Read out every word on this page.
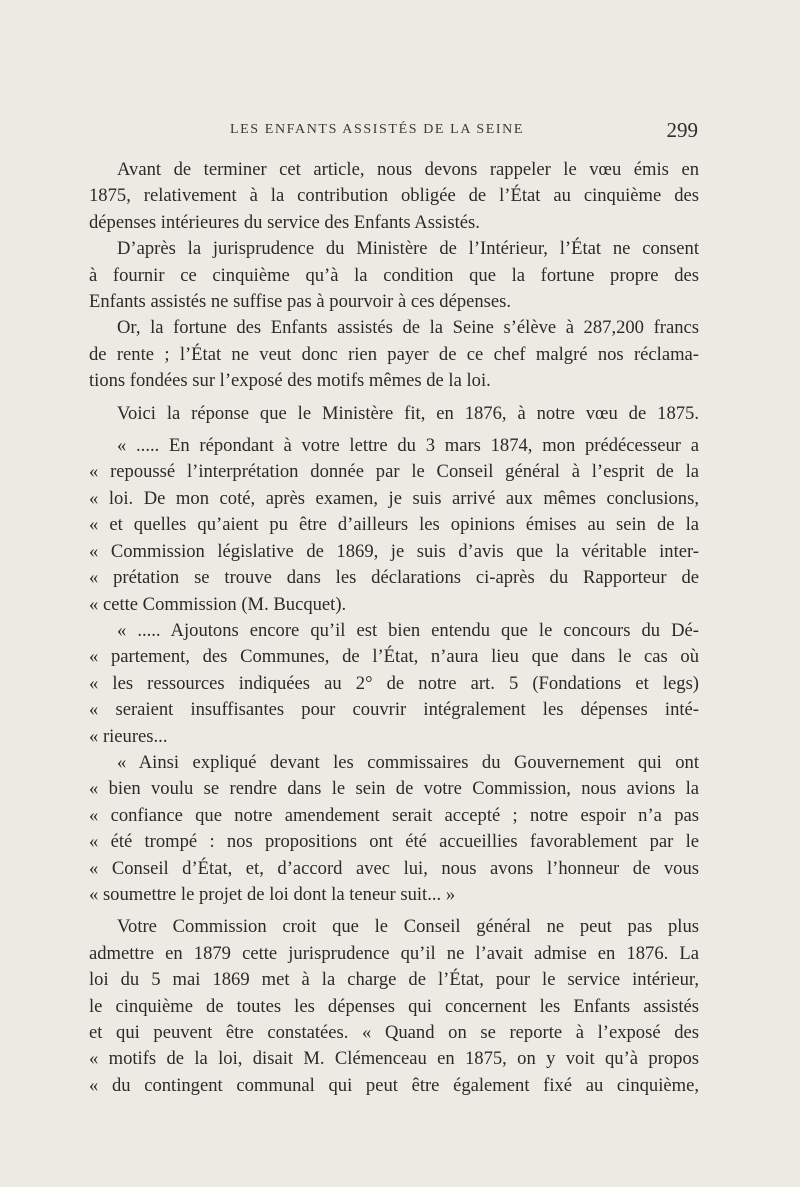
LES ENFANTS ASSISTÉS DE LA SEINE	299
Avant de terminer cet article, nous devons rappeler le vœu émis en
1875, relativement à la contribution obligée de l’État au cinquième des
dépenses intérieures du service des Enfants Assistés.
D’après la jurisprudence du Ministère de l’Intérieur, l’État ne consent
à fournir ce cinquième qu’à la condition que la fortune propre des
Enfants assistés ne suffise pas à pourvoir à ces dépenses.
Or, la fortune des Enfants assistés de la Seine s’élève à 287,200 francs
de rente ; l’État ne veut donc rien payer de ce chef malgré nos réclama-
tions fondées sur l’exposé des motifs mêmes de la loi.
Voici la réponse que le Ministère fit, en 1876, à notre vœu de 1875.
« ..... En répondant à votre lettre du 3 mars 1874, mon prédécesseur a
« repoussé l’interprétation donnée par le Conseil général à l’esprit de la
« loi. De mon coté, après examen, je suis arrivé aux mêmes conclusions,
« et quelles qu’aient pu être d’ailleurs les opinions émises au sein de la
« Commission législative de 1869, je suis d’avis que la véritable inter-
« prétation se trouve dans les déclarations ci-après du Rapporteur de
« cette Commission (M. Bucquet).
« ..... Ajoutons encore qu’il est bien entendu que le concours du Dé-
« partement, des Communes, de l’État, n’aura lieu que dans le cas où
« les ressources indiquées au 2° de notre art. 5 (Fondations et legs)
« seraient insuffisantes pour couvrir intégralement les dépenses inté-
« rieures...
« Ainsi expliqué devant les commissaires du Gouvernement qui ont
« bien voulu se rendre dans le sein de votre Commission, nous avions la
« confiance que notre amendement serait accepté ; notre espoir n’a pas
« été trompé : nos propositions ont été accueillies favorablement par le
« Conseil d’État, et, d’accord avec lui, nous avons l’honneur de vous
« soumettre le projet de loi dont la teneur suit... »
Votre Commission croit que le Conseil général ne peut pas plus
admettre en 1879 cette jurisprudence qu’il ne l’avait admise en 1876. La
loi du 5 mai 1869 met à la charge de l’État, pour le service intérieur,
le cinquième de toutes les dépenses qui concernent les Enfants assistés
et qui peuvent être constatées. « Quand on se reporte à l’exposé des
« motifs de la loi, disait M. Clémenceau en 1875, on y voit qu’à propos
« du contingent communal qui peut être également fixé au cinquième,
